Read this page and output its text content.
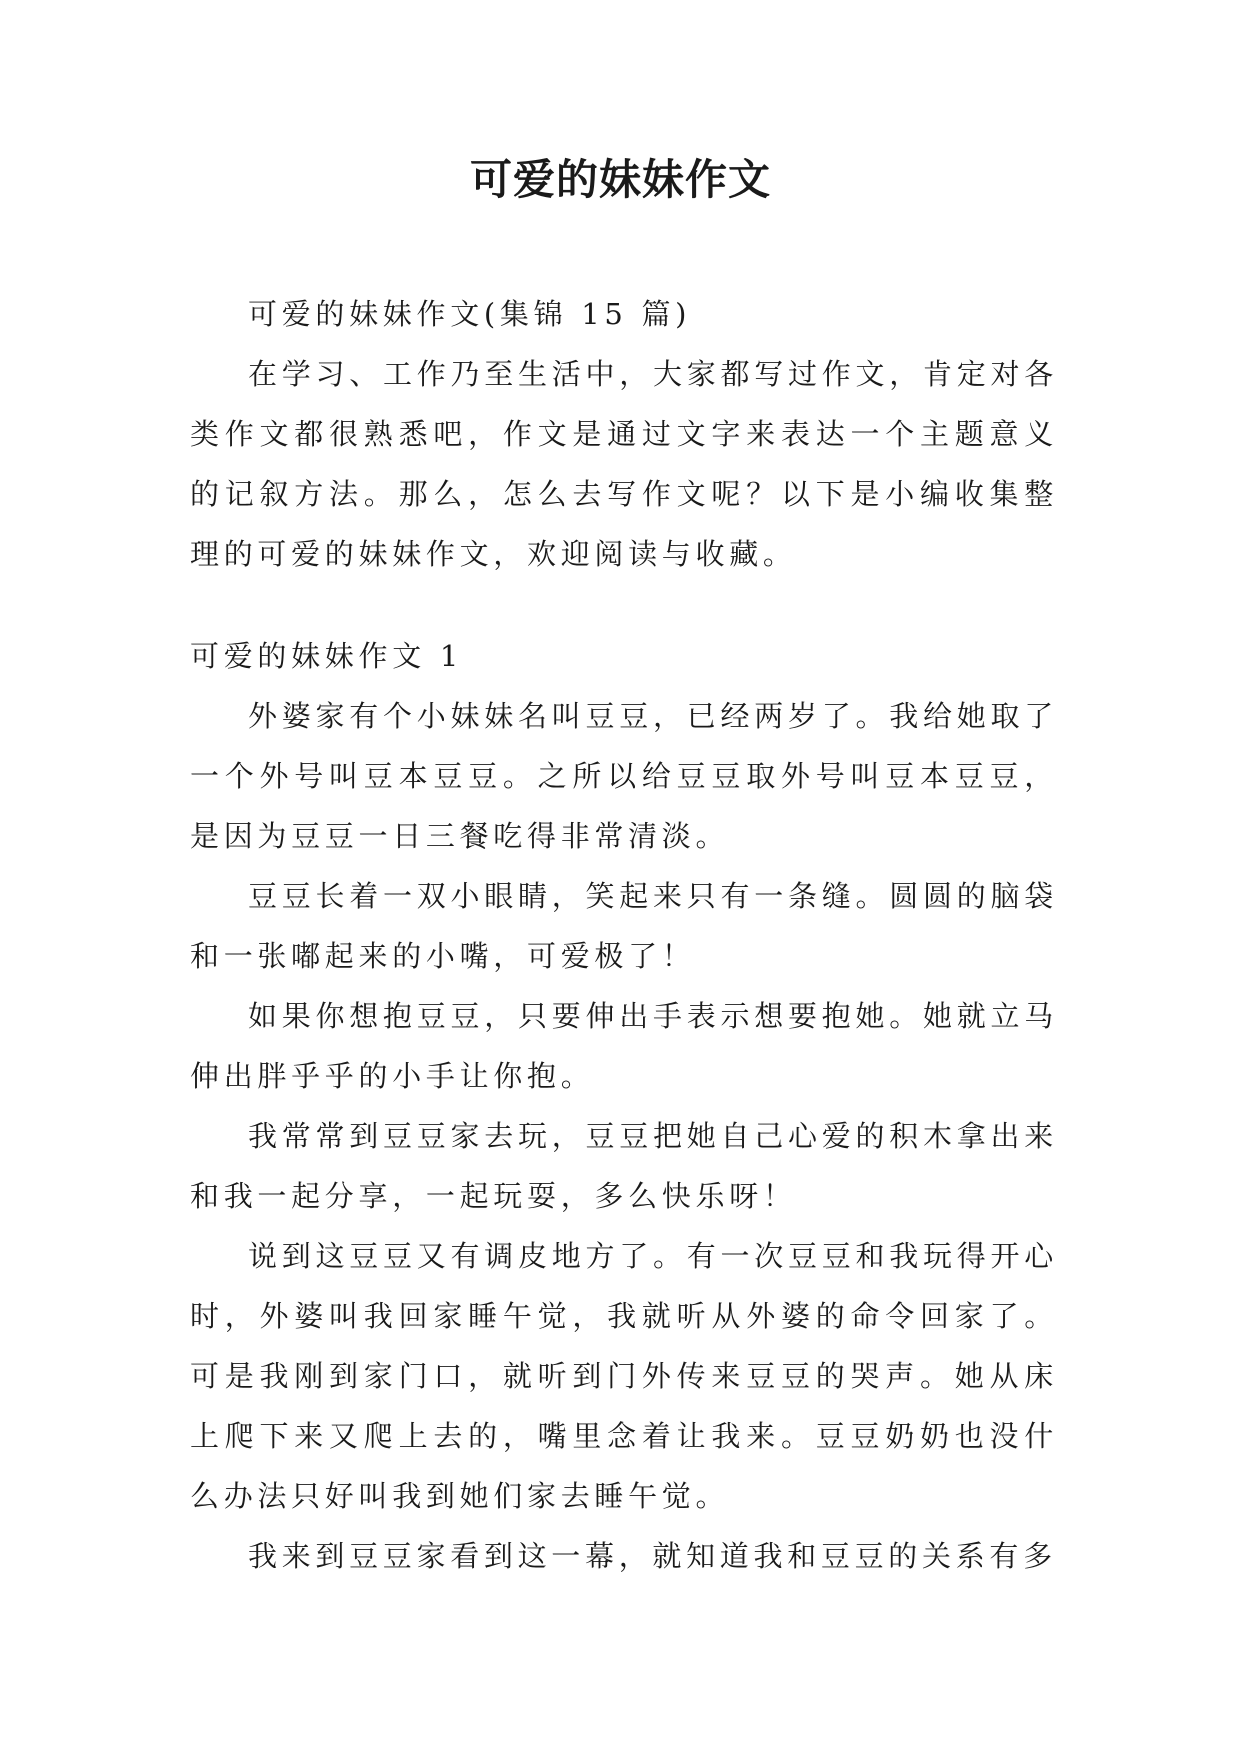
可爱的妹妹作文

可爱的妹妹作文(集锦 15 篇)

在学习、工作乃至生活中，大家都写过作文，肯定对各类作文都很熟悉吧，作文是通过文字来表达一个主题意义的记叙方法。那么，怎么去写作文呢？以下是小编收集整理的可爱的妹妹作文，欢迎阅读与收藏。

可爱的妹妹作文 1

外婆家有个小妹妹名叫豆豆，已经两岁了。我给她取了一个外号叫豆本豆豆。之所以给豆豆取外号叫豆本豆豆，是因为豆豆一日三餐吃得非常清淡。

豆豆长着一双小眼睛，笑起来只有一条缝。圆圆的脑袋和一张嘟起来的小嘴，可爱极了！

如果你想抱豆豆，只要伸出手表示想要抱她。她就立马伸出胖乎乎的小手让你抱。

我常常到豆豆家去玩，豆豆把她自己心爱的积木拿出来和我一起分享，一起玩耍，多么快乐呀！

说到这豆豆又有调皮地方了。有一次豆豆和我玩得开心时，外婆叫我回家睡午觉，我就听从外婆的命令回家了。可是我刚到家门口，就听到门外传来豆豆的哭声。她从床上爬下来又爬上去的，嘴里念着让我来。豆豆奶奶也没什么办法只好叫我到她们家去睡午觉。

我来到豆豆家看到这一幕，就知道我和豆豆的关系有多
